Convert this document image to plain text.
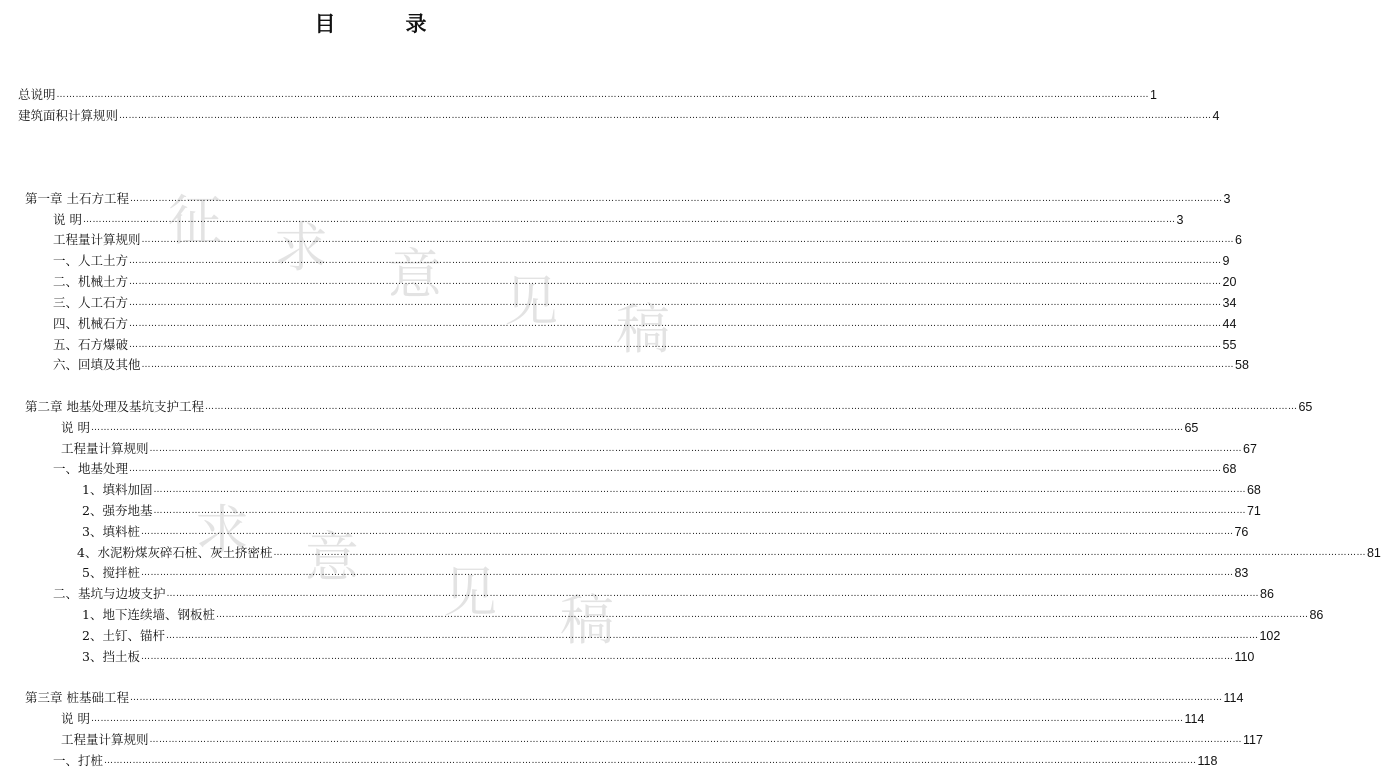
征 求 意 见 稿
求 意
见 稿
目	录
总说明 ………………………………………………………………………………………………………………………………………………………………………………………………………………………………………………………………………………………………………………… 1
建筑面积计算规则 ………………………………………………………………………………………………………………………………………………………………………………………………………………………………………………………………………………………………………………… 4
第一章 土石方工程 ………………………………………………………………………………………………………………………………………………………………………………………………………………………………………………………………………………………………………………… 3
说 明 ………………………………………………………………………………………………………………………………………………………………………………………………………………………………………………………………………………………………………………… 3
工程量计算规则 ………………………………………………………………………………………………………………………………………………………………………………………………………………………………………………………………………………………………………………… 6
一、人工土方 ………………………………………………………………………………………………………………………………………………………………………………………………………………………………………………………………………………………………………………… 9
二、机械土方 ………………………………………………………………………………………………………………………………………………………………………………………………………………………………………………………………………………………………………………… 20
三、人工石方 ………………………………………………………………………………………………………………………………………………………………………………………………………………………………………………………………………………………………………………… 34
四、机械石方 ………………………………………………………………………………………………………………………………………………………………………………………………………………………………………………………………………………………………………………… 44
五、石方爆破 ………………………………………………………………………………………………………………………………………………………………………………………………………………………………………………………………………………………………………………… 55
六、回填及其他 ………………………………………………………………………………………………………………………………………………………………………………………………………………………………………………………………………………………………………………… 58
第二章 地基处理及基坑支护工程 ………………………………………………………………………………………………………………………………………………………………………………………………………………………………………………………………………………………………………………… 65
说 明 ………………………………………………………………………………………………………………………………………………………………………………………………………………………………………………………………………………………………………………… 65
工程量计算规则 ………………………………………………………………………………………………………………………………………………………………………………………………………………………………………………………………………………………………………………… 67
一、地基处理 ………………………………………………………………………………………………………………………………………………………………………………………………………………………………………………………………………………………………………………… 68
1、填料加固 ………………………………………………………………………………………………………………………………………………………………………………………………………………………………………………………………………………………………………………… 68
2、强夯地基 ………………………………………………………………………………………………………………………………………………………………………………………………………………………………………………………………………………………………………………… 71
3、填料桩 ………………………………………………………………………………………………………………………………………………………………………………………………………………………………………………………………………………………………………………… 76
4、水泥粉煤灰碎石桩、灰土挤密桩 ………………………………………………………………………………………………………………………………………………………………………………………………………………………………………………………………………………………………………………… 81
5、搅拌桩 ………………………………………………………………………………………………………………………………………………………………………………………………………………………………………………………………………………………………………………… 83
二、基坑与边坡支护 ………………………………………………………………………………………………………………………………………………………………………………………………………………………………………………………………………………………………………………… 86
1、地下连续墙、钢板桩 ………………………………………………………………………………………………………………………………………………………………………………………………………………………………………………………………………………………………………………… 86
2、土钉、锚杆 ………………………………………………………………………………………………………………………………………………………………………………………………………………………………………………………………………………………………………………… 102
3、挡土板 ………………………………………………………………………………………………………………………………………………………………………………………………………………………………………………………………………………………………………………… 110
第三章 桩基础工程 ………………………………………………………………………………………………………………………………………………………………………………………………………………………………………………………………………………………………………………… 114
说 明 ………………………………………………………………………………………………………………………………………………………………………………………………………………………………………………………………………………………………………………… 114
工程量计算规则 ………………………………………………………………………………………………………………………………………………………………………………………………………………………………………………………………………………………………………………… 117
一、打桩 ………………………………………………………………………………………………………………………………………………………………………………………………………………………………………………………………………………………………………………… 118
